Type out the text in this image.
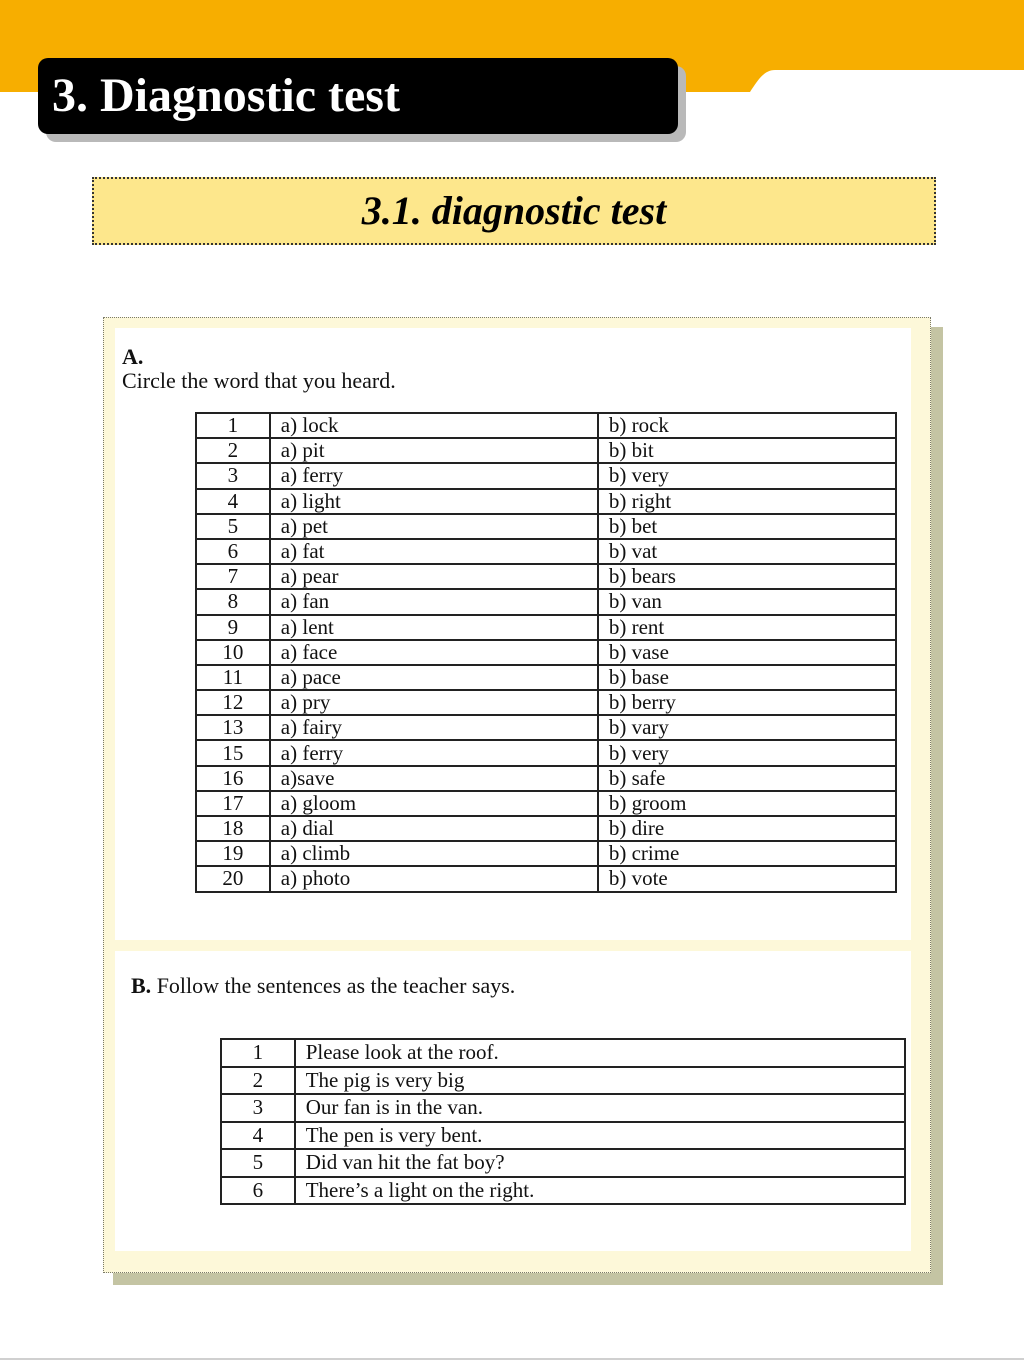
3. Diagnostic test
3.1. diagnostic test
A.
Circle the word that you heard.
1	a) lock	b) rock
2	a) pit	b) bit
3	a) ferry	b) very
4	a) light	b) right
5	a) pet	b) bet
6	a) fat	b) vat
7	a) pear	b) bears
8	a) fan	b) van
9	a) lent	b) rent
10	a) face	b) vase
11	a) pace	b) base
12	a) pry	b) berry
13	a) fairy	b) vary
15	a) ferry	b) very
16	a)save	b) safe
17	a) gloom	b) groom
18	a) dial	b) dire
19	a) climb	b) crime
20	a) photo	b) vote
B. Follow the sentences as the teacher says.
1	Please look at the roof.
2	The pig is very big
3	Our fan is in the van.
4	The pen is very bent.
5	Did van hit the fat boy?
6	There’s a light on the right.
